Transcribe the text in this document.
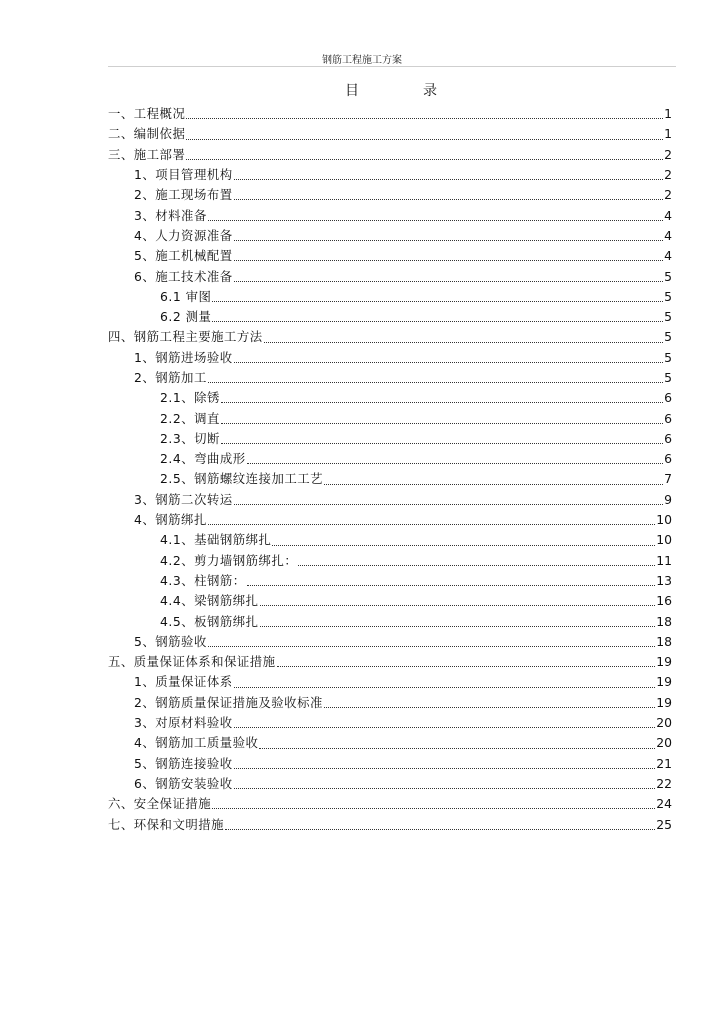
钢筋工程施工方案
目	录
一、工程概况	1
二、编制依据	1
三、施工部署	2
1、项目管理机构	2
2、施工现场布置	2
3、材料准备	4
4、人力资源准备	4
5、施工机械配置	4
6、施工技术准备	5
6.1 审图	5
6.2 测量	5
四、钢筋工程主要施工方法	5
1、钢筋进场验收	5
2、钢筋加工	5
2.1、除锈	6
2.2、调直	6
2.3、切断	6
2.4、弯曲成形	6
2.5、钢筋螺纹连接加工工艺	7
3、钢筋二次转运	9
4、钢筋绑扎	10
4.1、基础钢筋绑扎	10
4.2、剪力墙钢筋绑扎：	11
4.3、柱钢筋：	13
4.4、梁钢筋绑扎	16
4.5、板钢筋绑扎	18
5、钢筋验收	18
五、质量保证体系和保证措施	19
1、质量保证体系	19
2、钢筋质量保证措施及验收标准	19
3、对原材料验收	20
4、钢筋加工质量验收	20
5、钢筋连接验收	21
6、钢筋安装验收	22
六、安全保证措施	24
七、环保和文明措施	25
